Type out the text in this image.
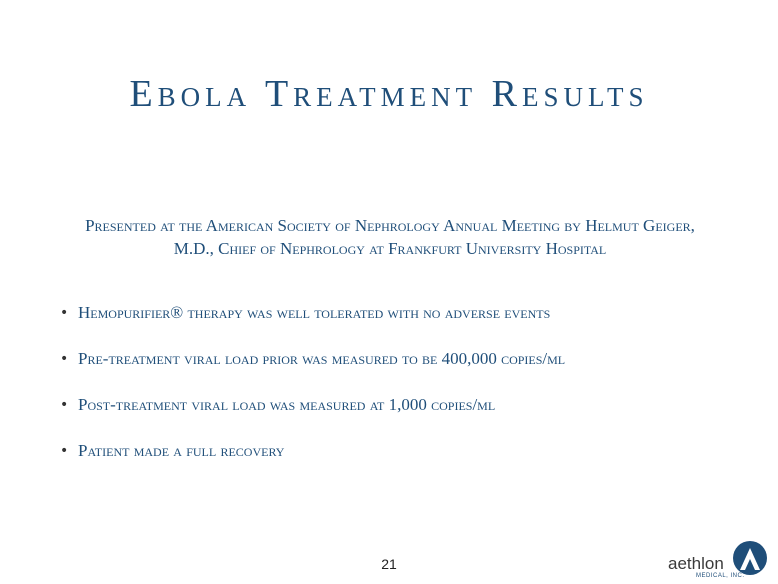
Ebola Treatment Results
Presented at the American Society of Nephrology Annual Meeting by Helmut Geiger, M.D., Chief of Nephrology at Frankfurt University Hospital
• Hemopurifier® therapy was well tolerated with no adverse events
• Pre-treatment viral load prior was measured to be 400,000 copies/ml
• Post-treatment viral load was measured at 1,000 copies/ml
• Patient made a full recovery
21	aethlon
MEDICAL, INC.
